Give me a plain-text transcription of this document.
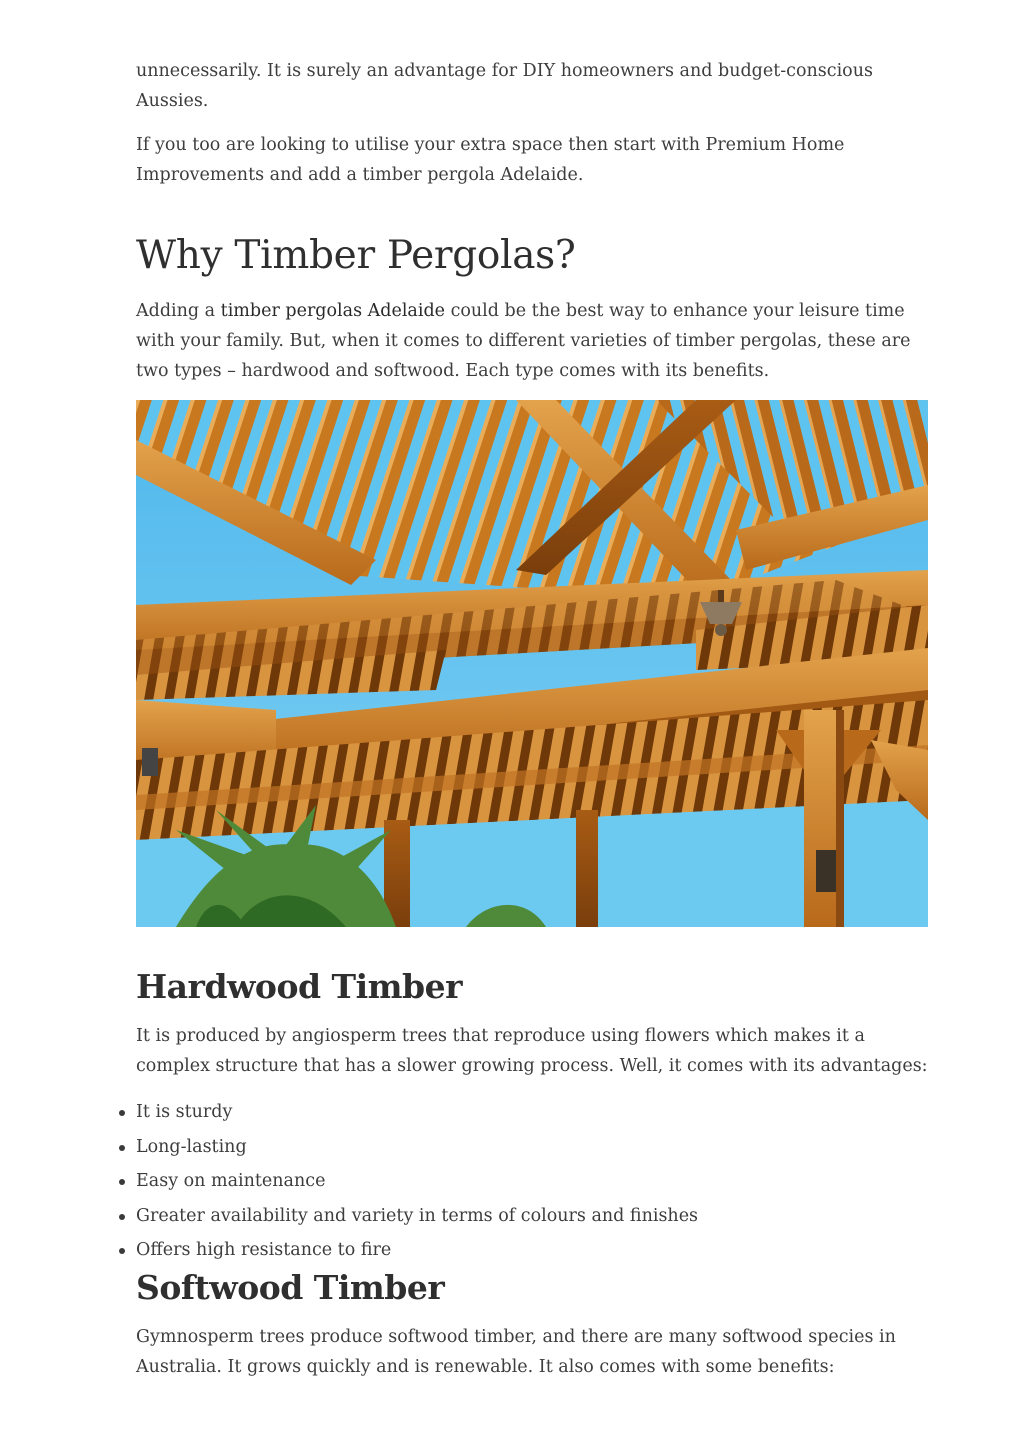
unnecessarily. It is surely an advantage for DIY homeowners and budget-conscious Aussies.

If you too are looking to utilise your extra space then start with Premium Home Improvements and add a timber pergola Adelaide.

Why Timber Pergolas?

Adding a timber pergolas Adelaide could be the best way to enhance your leisure time with your family. But, when it comes to different varieties of timber pergolas, these are two types – hardwood and softwood. Each type comes with its benefits.

Hardwood Timber

It is produced by angiosperm trees that reproduce using flowers which makes it a complex structure that has a slower growing process. Well, it comes with its advantages:

It is sturdy
Long-lasting
Easy on maintenance
Greater availability and variety in terms of colours and finishes
Offers high resistance to fire
Softwood Timber

Gymnosperm trees produce softwood timber, and there are many softwood species in Australia. It grows quickly and is renewable. It also comes with some benefits:
